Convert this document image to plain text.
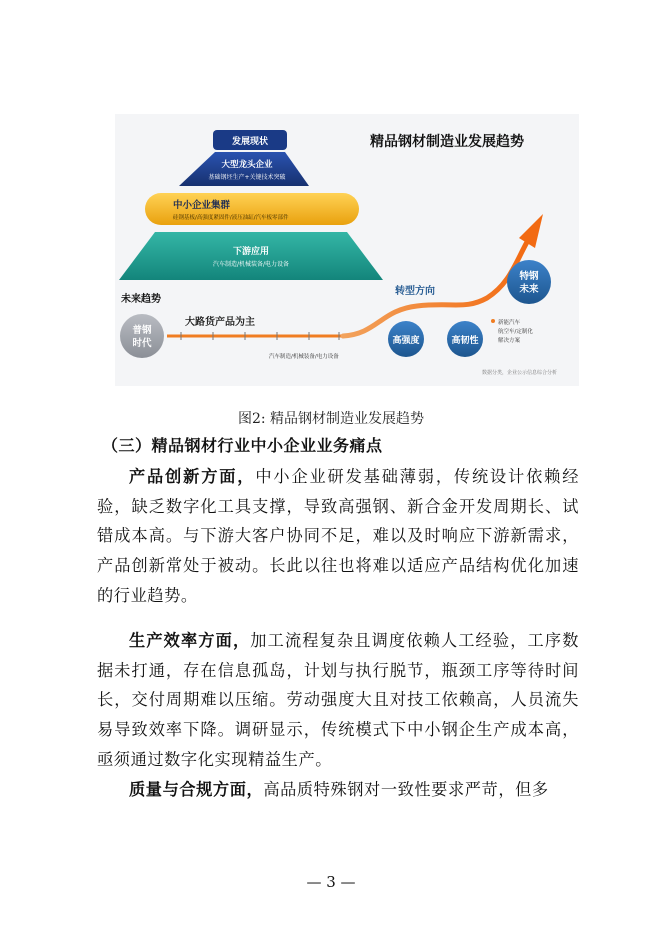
发展现状
大型龙头企业
基础钢坯生产+关键技术突破
中小企业集群
硅钢基板/高强度紧固件/液压油缸/汽车板零部件
下游应用
汽车制造/机械装备/电力设备
精品钢材制造业发展趋势
未来趋势
普钢
时代
大路货产品为主
汽车制造/机械装备/电力设备
转型方向
高强度	高韧性
特钢
未来
新能汽车
航空车/定制化
解决方案
数据分类，企业公示信息综合分析
图2: 精品钢材制造业发展趋势
（三）精品钢材行业中小企业业务痛点
产品创新方面，中小企业研发基础薄弱，传统设计依赖经验，缺乏数字化工具支撑，导致高强钢、新合金开发周期长、试错成本高。与下游大客户协同不足，难以及时响应下游新需求，产品创新常处于被动。长此以往也将难以适应产品结构优化加速的行业趋势。
生产效率方面，加工流程复杂且调度依赖人工经验，工序数据未打通，存在信息孤岛，计划与执行脱节，瓶颈工序等待时间长，交付周期难以压缩。劳动强度大且对技工依赖高，人员流失易导致效率下降。调研显示，传统模式下中小钢企生产成本高，亟须通过数字化实现精益生产。
质量与合规方面，高品质特殊钢对一致性要求严苛，但多
— 3 —
